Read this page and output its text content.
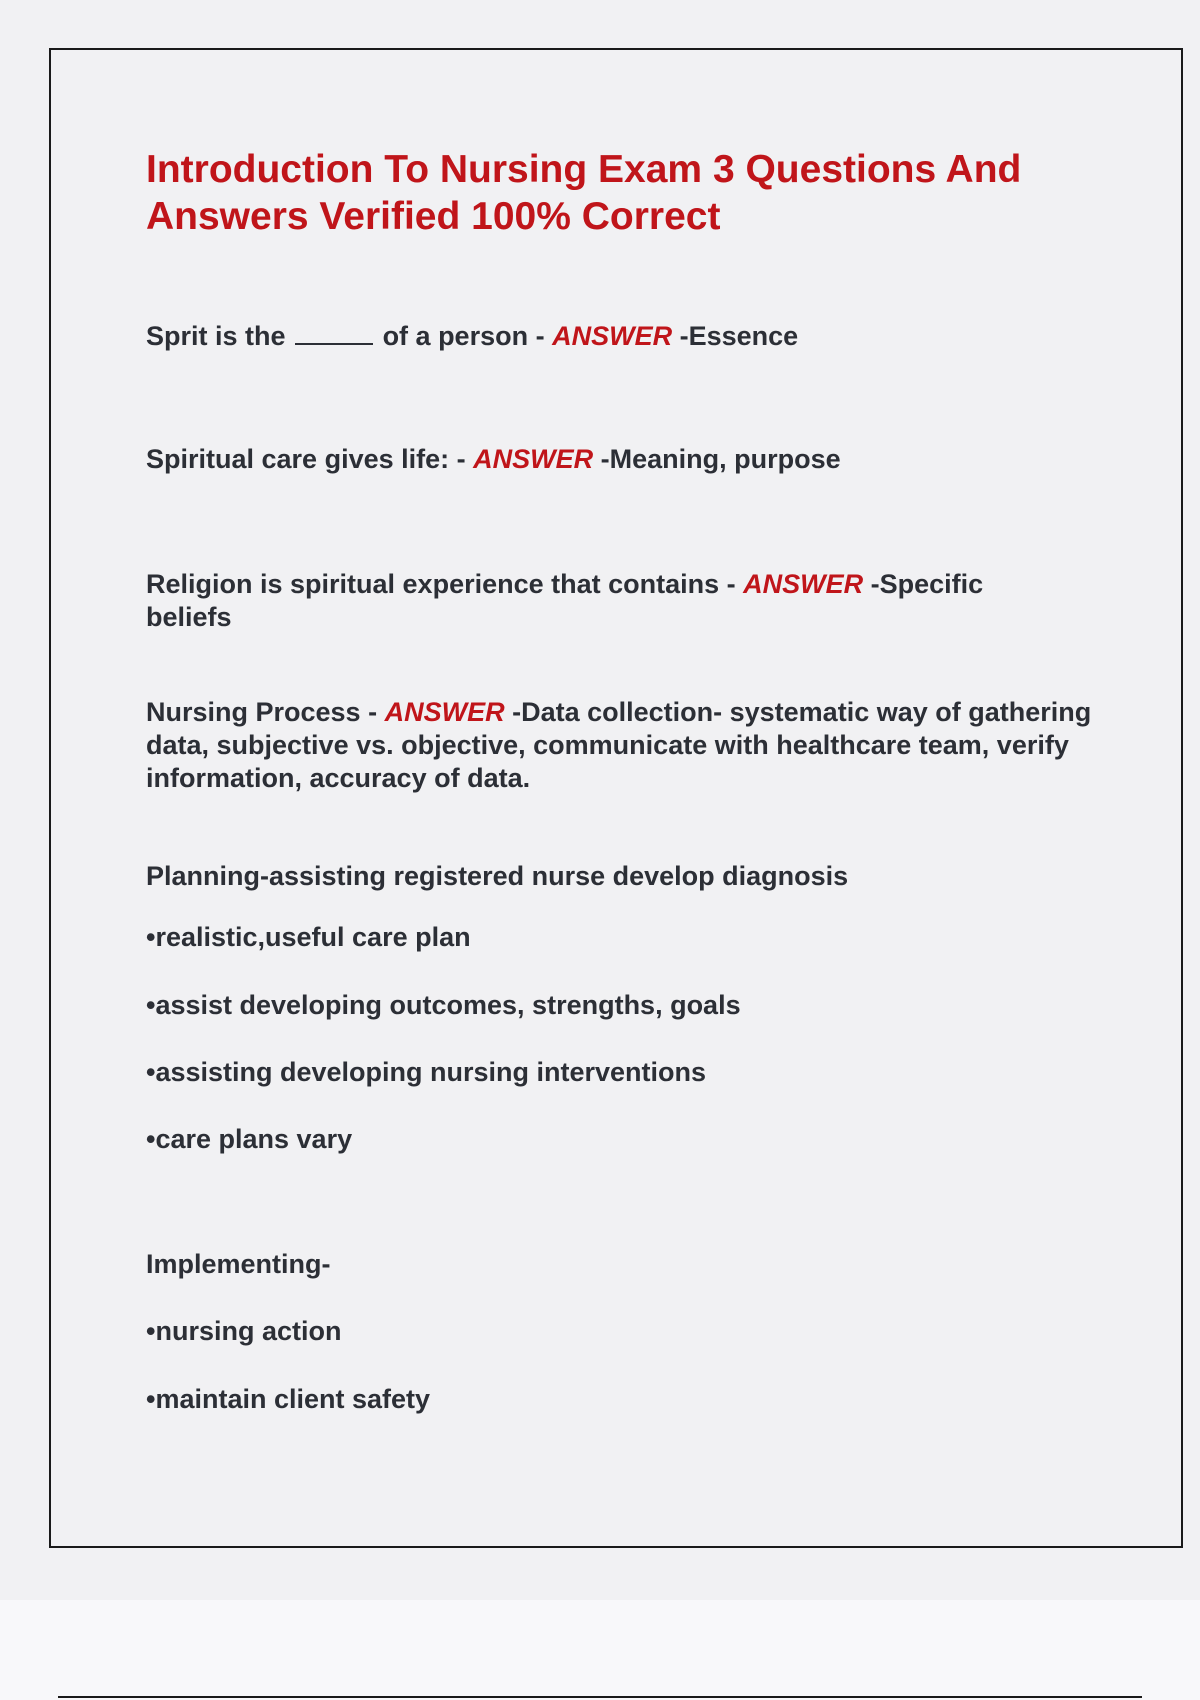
Introduction To Nursing Exam 3 Questions And Answers Verified 100% Correct

Sprit is the	of a person - ANSWER -Essence

Spiritual care gives life: - ANSWER -Meaning, purpose

Religion is spiritual experience that contains - ANSWER -Specific beliefs

Nursing Process - ANSWER -Data collection- systematic way of gathering data, subjective vs. objective, communicate with healthcare team, verify information, accuracy of data.

Planning-assisting registered nurse develop diagnosis

•realistic,useful care plan

•assist developing outcomes, strengths, goals

•assisting developing nursing interventions

•care plans vary

Implementing-

•nursing action

•maintain client safety
